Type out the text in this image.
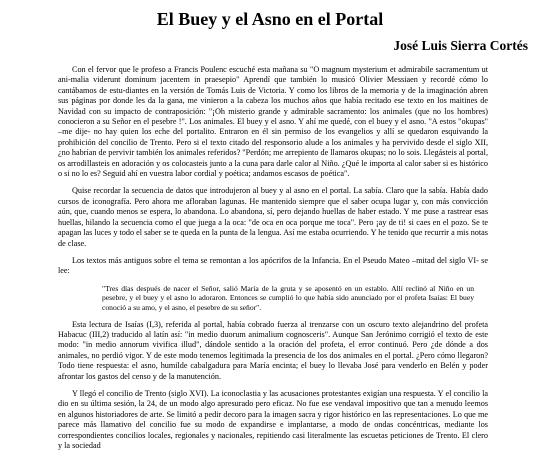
El Buey y el Asno en el Portal
José Luis Sierra Cortés

Con el fervor que le profeso a Francis Poulenc escuché esta mañana su "O magnum mysterium et admirabile sacramentum ut ani-malia viderunt dominum jacentem in praesepio" Aprendí que también lo musicó Olivier Messiaen y recordé cómo lo cantábamos de estu-diantes en la versión de Tomás Luis de Victoria. Y como los libros de la memoria y de la imaginación abren sus páginas por donde les da la gana, me vinieron a la cabeza los muchos años que había recitado ese texto en los maitines de Navidad con su impacto de contraposición: "¡Oh misterio grande y admirable sacramento: los animales (que no los hombres) conocieron a su Señor en el pesebre !". Los animales. El buey y el asno. Y ahí me quedé, con el buey y el asno. "A estos "okupas" –me dije- no hay quien los eche del portalito. Entraron en él sin permiso de los evangelios y allí se quedaron esquivando la prohibición del concilio de Trento. Pero si el texto citado del responsorio alude a los animales y ha pervivido desde el siglo XII, ¿no habrían de pervivir también los animales referidos? "Perdón; me arrepiento de llamaros okupas; no lo sois. Llegásteis al portal, os arrodillasteis en adoración y os colocasteis junto a la cuna para darle calor al Niño. ¿Qué le importa al calor saber si es histórico o si no lo es? Seguid ahí en vuestra labor cordial y poética; andamos escasos de poética".

Quise recordar la secuencia de datos que introdujeron al buey y al asno en el portal. La sabía. Claro que la sabía. Había dado cursos de iconografía. Pero ahora me afloraban lagunas. He mantenido siempre que el saber ocupa lugar y, con más convicción aún, que, cuando menos se espera, lo abandona. Lo abandona, sí, pero dejando huellas de haber estado. Y me puse a rastrear esas huellas, hilando la secuencia como el que juega a la oca: "de oca en oca porque me toca". Pero ¡ay de ti! si caes en el pozo. Se te apagan las luces y todo el saber se te queda en la punta de la lengua. Así me estaba ocurriendo. Y he tenido que recurrir a mis notas de clase.

Los textos más antiguos sobre el tema se remontan a los apócrifos de la Infancia. En el Pseudo Mateo –mitad del siglo VI- se lee:

"Tres días después de nacer el Señor, salió María de la gruta y se aposentó en un establo. Allí reclinó al Niño en un pesebre, y el buey y el asno lo adoraron. Entonces se cumplió lo que había sido anunciado por el profeta Isaías: El buey conoció a su amo, y el asno, el pesebre de su señor".

Esta lectura de Isaías (I,3), referida al portal, había cobrado fuerza al trenzarse con un oscuro texto alejandrino del profeta Habacuc (III,2) traducido al latín así: "in medio duorum animalium cognosceris". Aunque San Jerónimo corrigió el texto de este modo: "in medio annorum vivifica illud", dándole sentido a la oración del profeta, el error continuó. Pero ¿de dónde a dos animales, no perdió vigor. Y de este modo tenemos legitimada la presencia de los dos animales en el portal. ¿Pero cómo llegaron? Todo tiene respuesta: el asno, humilde cabalgadura para María encinta; el buey lo llevaba José para venderlo en Belén y poder afrontar los gastos del censo y de la manutención.

Y llegó el concilio de Trento (siglo XVI). La iconoclastia y las acusaciones protestantes exigían una respuesta. Y el concilio la dio en su última sesión, la 24, de un modo algo apresurado pero eficaz. No fue ese vendaval impositivo que tan a menudo leemos en algunos historiadores de arte. Se limitó a pedir decoro para la imagen sacra y rigor histórico en las representaciones. Lo que me parece más llamativo del concilio fue su modo de expandirse e implantarse, a modo de ondas concéntricas, mediante los correspondientes concilios locales, regionales y nacionales, repitiendo casi literalmente las escuetas peticiones de Trento. El clero y la sociedad
